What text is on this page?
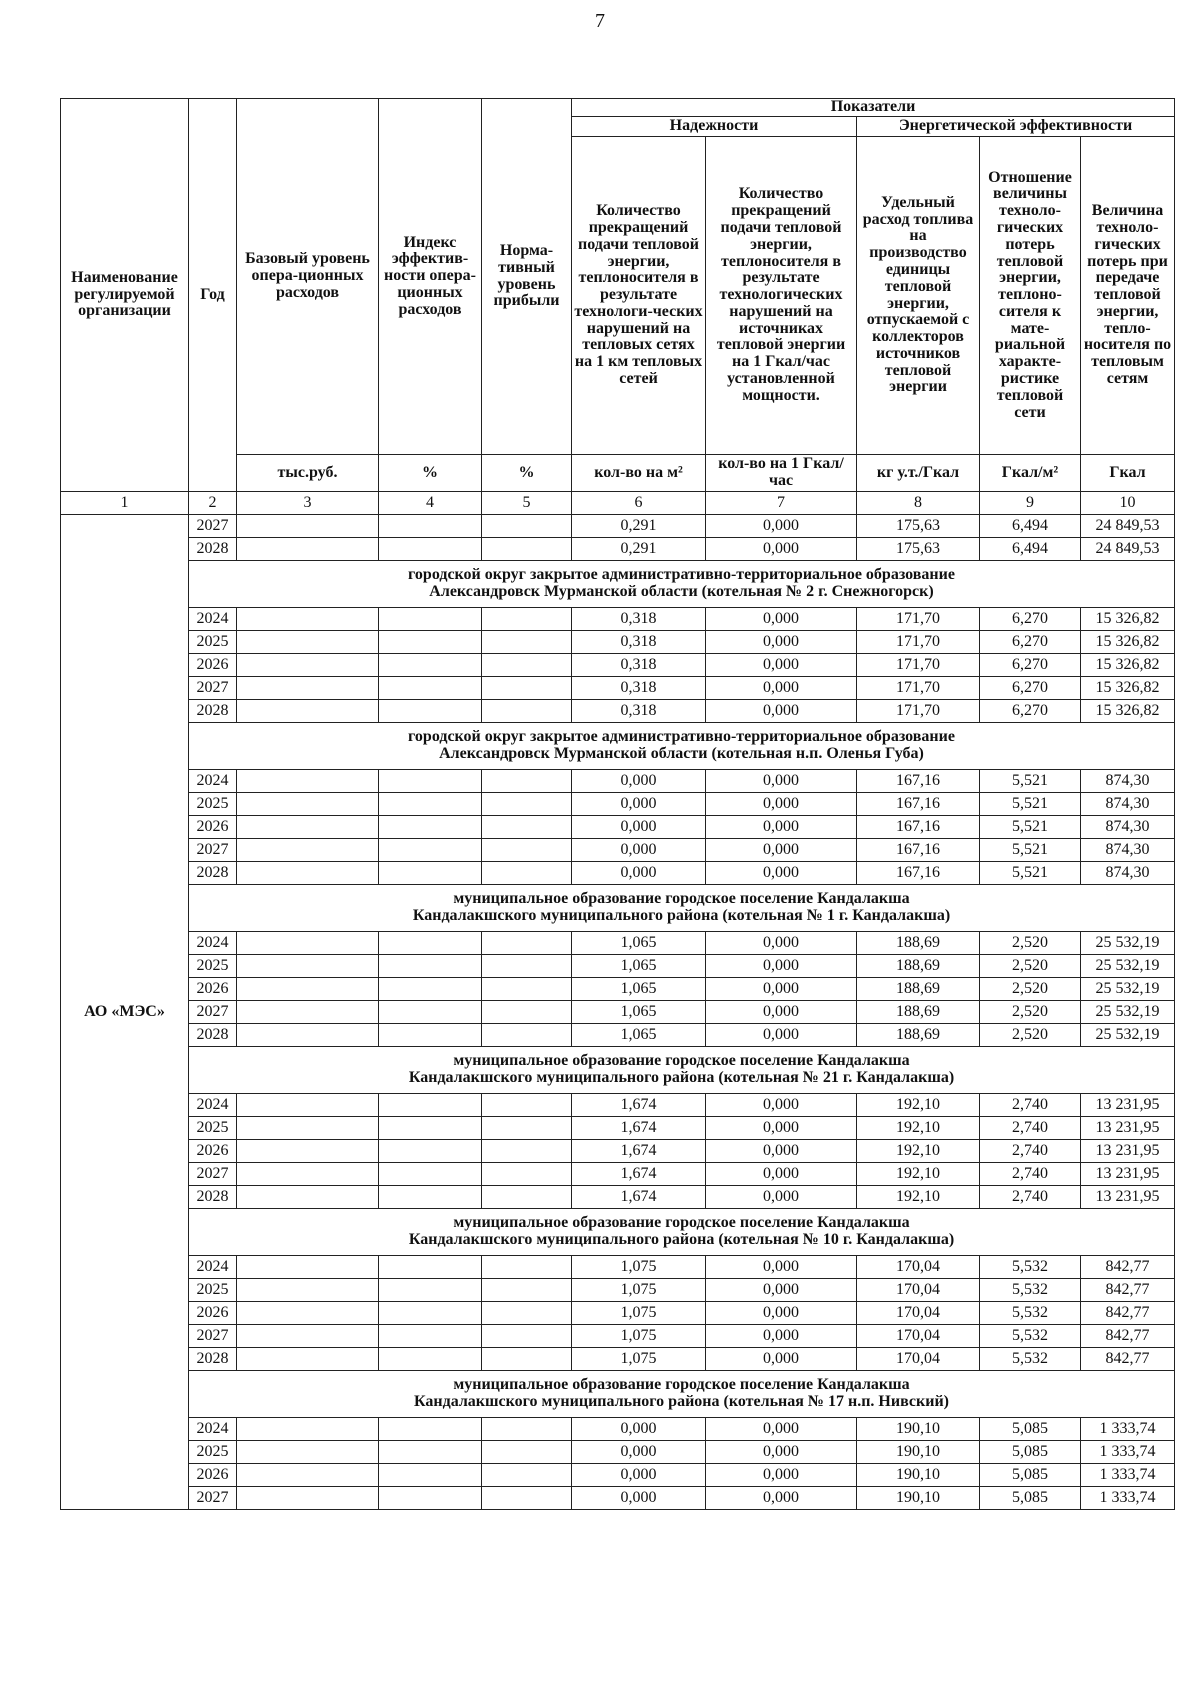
7
Наименование регулируемой организации	Год	Базовый уровень опера-ционных расходов	Индекс эффектив-ности опера-ционных расходов	Норма-тивный уровень прибыли	Показатели				
					Надежности		Энергетической эффективности		
					Количество прекращений подачи тепловой энергии, теплоносителя в результате технологи-ческих нарушений на тепловых сетях на 1 км тепловых сетей	Количество прекращений подачи тепловой энергии, теплоносителя в результате технологических нарушений на источниках тепловой энергии на 1 Гкал/час установленной мощности.	Удельный расход топлива на производство единицы тепловой энергии, отпускаемой с коллекторов источников тепловой энергии	Отношение величины техноло-гических потерь тепловой энергии, теплоно-сителя к мате-риальной характе-ристике тепловой сети	Величина техноло-гических потерь при передаче тепловой энергии, тепло-носителя по тепловым сетям
		тыс.руб.	%	%	кол-во на м²	кол-во на 1 Гкал/час	кг у.т./Гкал	Гкал/м²	Гкал
1	2	3	4	5	6	7	8	9	10
АО «МЭС»	2027				0,291	0,000	175,63	6,494	24 849,53
	2028				0,291	0,000	175,63	6,494	24 849,53

	городской округ закрытое административно-территориальное образование
Александровск Мурманской области (котельная № 2 г. Снежногорск)								

	2024				0,318	0,000	171,70	6,270	15 326,82
	2025				0,318	0,000	171,70	6,270	15 326,82
	2026				0,318	0,000	171,70	6,270	15 326,82
	2027				0,318	0,000	171,70	6,270	15 326,82
	2028				0,318	0,000	171,70	6,270	15 326,82

	городской округ закрытое административно-территориальное образование
Александровск Мурманской области (котельная н.п. Оленья Губа)								

	2024				0,000	0,000	167,16	5,521	874,30
	2025				0,000	0,000	167,16	5,521	874,30
	2026				0,000	0,000	167,16	5,521	874,30
	2027				0,000	0,000	167,16	5,521	874,30
	2028				0,000	0,000	167,16	5,521	874,30

	муниципальное образование городское поселение Кандалакша
Кандалакшского муниципального района (котельная № 1 г. Кандалакша)								

	2024				1,065	0,000	188,69	2,520	25 532,19
	2025				1,065	0,000	188,69	2,520	25 532,19
	2026				1,065	0,000	188,69	2,520	25 532,19
	2027				1,065	0,000	188,69	2,520	25 532,19
	2028				1,065	0,000	188,69	2,520	25 532,19

	муниципальное образование городское поселение Кандалакша
Кандалакшского муниципального района (котельная № 21 г. Кандалакша)								

	2024				1,674	0,000	192,10	2,740	13 231,95
	2025				1,674	0,000	192,10	2,740	13 231,95
	2026				1,674	0,000	192,10	2,740	13 231,95
	2027				1,674	0,000	192,10	2,740	13 231,95
	2028				1,674	0,000	192,10	2,740	13 231,95

	муниципальное образование городское поселение Кандалакша
Кандалакшского муниципального района (котельная № 10 г. Кандалакша)								

	2024				1,075	0,000	170,04	5,532	842,77
	2025				1,075	0,000	170,04	5,532	842,77
	2026				1,075	0,000	170,04	5,532	842,77
	2027				1,075	0,000	170,04	5,532	842,77
	2028				1,075	0,000	170,04	5,532	842,77

	муниципальное образование городское поселение Кандалакша
Кандалакшского муниципального района (котельная № 17 н.п. Нивский)								

	2024				0,000	0,000	190,10	5,085	1 333,74
	2025				0,000	0,000	190,10	5,085	1 333,74
	2026				0,000	0,000	190,10	5,085	1 333,74
	2027				0,000	0,000	190,10	5,085	1 333,74
